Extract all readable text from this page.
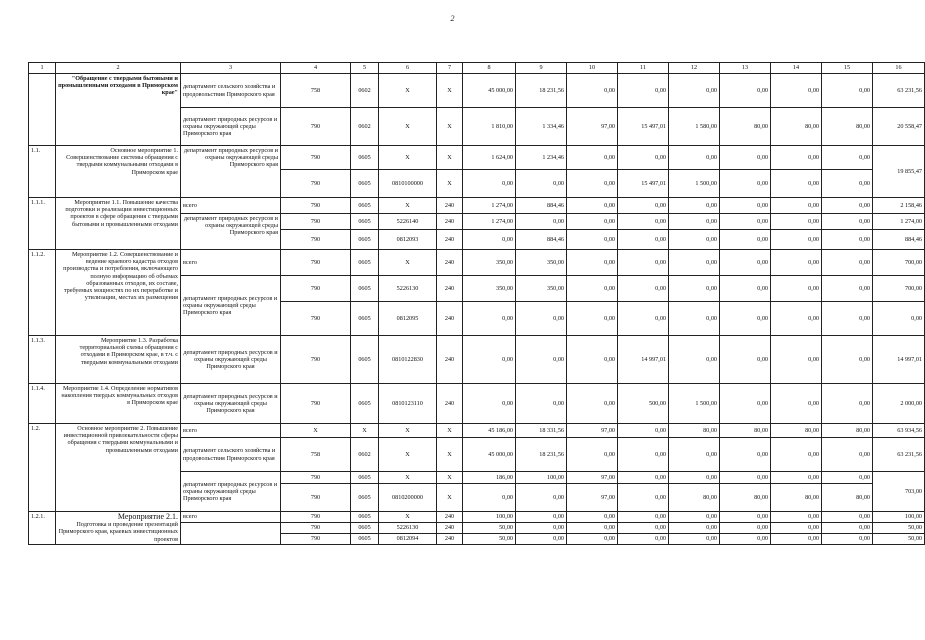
2
1	2	3	4	5	6	7	8	9	10	11	12	13	14	15	16
	"Обращение с твердыми бытовыми и промышленными отходами в Приморском крае"	департамент сельского хозяйства и продовольствия Приморского края	758	0602	X	X	45 000,00	18 231,56	0,00	0,00	0,00	0,00	0,00	0,00	63 231,56
		департамент природных ресурсов и охраны окружающей среды Приморского края	790	0602	X	X	1 810,00	1 334,46	97,00	15 497,01	1 580,00	80,00	80,00	80,00	20 558,47
1.1.	Основное мероприятие 1. Совершенствование системы обращения с твердыми коммунальными отходами в Приморском крае	департамент природных ресурсов и охраны окружающей среды Приморского края	790	0605	X	X	1 624,00	1 234,46	0,00	0,00	0,00	0,00	0,00	0,00	19 855,47
			790	0605	0810100000	X	0,00	0,00	0,00	15 497,01	1 500,00	0,00	0,00	0,00	
1.1.1.	Мероприятие 1.1. Повышение качества подготовки и реализации инвестиционных проектов в сфере обращения с твердыми бытовыми и промышленными отходами	всего	790	0605	X	240	1 274,00	884,46	0,00	0,00	0,00	0,00	0,00	0,00	2 158,46
		департамент природных ресурсов и охраны окружающей среды Приморского края	790	0605	5226140	240	1 274,00	0,00	0,00	0,00	0,00	0,00	0,00	0,00	1 274,00
			790	0605	0812093	240	0,00	884,46	0,00	0,00	0,00	0,00	0,00	0,00	884,46
1.1.2.	Мероприятие 1.2. Совершенствование и ведение краевого кадастра отходов производства и потребления, включающего полную информацию об объемах образованных отходов, их составе, требуемых мощностях по их переработке и утилизации, местах их размещения	всего	790	0605	X	240	350,00	350,00	0,00	0,00	0,00	0,00	0,00	0,00	700,00
		департамент природных ресурсов и охраны окружающей среды Приморского края	790	0605	5226130	240	350,00	350,00	0,00	0,00	0,00	0,00	0,00	0,00	700,00
			790	0605	0812095	240	0,00	0,00	0,00	0,00	0,00	0,00	0,00	0,00	0,00
1.1.3.	Мероприятие 1.3. Разработка территориальной схемы обращения с отходами в Приморском крае, в т.ч. с твердыми коммунальными отходами	департамент природных ресурсов и охраны окружающей среды Приморского края	790	0605	0810122830	240	0,00	0,00	0,00	14 997,01	0,00	0,00	0,00	0,00	14 997,01
1.1.4.	Мероприятие 1.4. Определение нормативов накопления твердых коммунальных отходов в Приморском крае	департамент природных ресурсов и охраны окружающей среды Приморского края	790	0605	0810123110	240	0,00	0,00	0,00	500,00	1 500,00	0,00	0,00	0,00	2 000,00
1.2.	Основное мероприятие 2. Повышение инвестиционной привлекательности сферы обращения с твердыми коммунальными и промышленными отходами	всего	X	X	X	X	45 186,00	18 331,56	97,00	0,00	80,00	80,00	80,00	80,00	63 934,56
		департамент сельского хозяйства и продовольствия Приморского края	758	0602	X	X	45 000,00	18 231,56	0,00	0,00	0,00	0,00	0,00	0,00	63 231,56
		департамент природных ресурсов и охраны окружающей среды Приморского края	790	0605	X	X	186,00	100,00	97,00	0,00	0,00	0,00	0,00	0,00	703,00
			790	0605	0810200000	X	0,00	0,00	97,00	0,00	80,00	80,00	80,00	80,00	
1.2.1.	Мероприятие 2.1.
Подготовка и проведение презентаций Приморского края, краевых инвестиционных проектов	всего	790	0605	X	240	100,00	0,00	0,00	0,00	0,00	0,00	0,00	0,00	100,00
			790	0605	5226130	240	50,00	0,00	0,00	0,00	0,00	0,00	0,00	0,00	50,00
			790	0605	0812094	240	50,00	0,00	0,00	0,00	0,00	0,00	0,00	0,00	50,00
